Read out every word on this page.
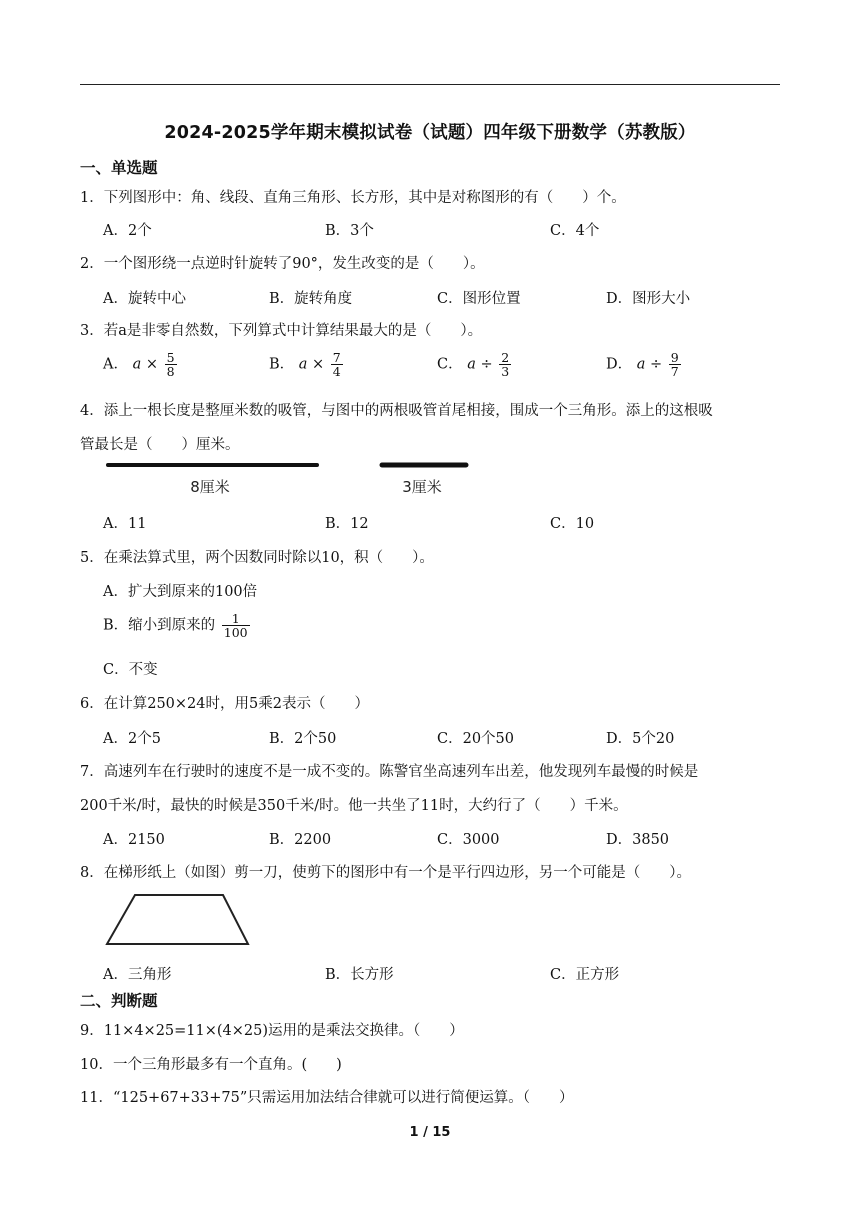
2024-2025学年期末模拟试卷（试题）四年级下册数学（苏教版）
一、单选题
1．下列图形中：角、线段、直角三角形、长方形，其中是对称图形的有（　　）个。
A．2个	B．3个	C．4个
2．一个图形绕一点逆时针旋转了90°，发生改变的是（　　）。
A．旋转中心	B．旋转角度	C．图形位置	D．图形大小
3．若a是非零自然数，下列算式中计算结果最大的是（　　）。
A． $a \times \frac{5}{8}$	B． $a \times \frac{7}{4}$	C． $a \div \frac{2}{3}$	D． $a \div \frac{9}{7}$
4．添上一根长度是整厘米数的吸管，与图中的两根吸管首尾相接，围成一个三角形。添上的这根吸
管最长是（　　）厘米。
8厘米	3厘米
A．11	B．12	C．10
5．在乘法算式里，两个因数同时除以10，积（　　）。
A．扩大到原来的100倍
B．缩小到原来的 $\frac{1}{100}$
C．不变
6．在计算250×24时，用5乘2表示（　　）
A．2个5	B．2个50	C．20个50	D．5个20
7．高速列车在行驶时的速度不是一成不变的。陈警官坐高速列车出差，他发现列车最慢的时候是
200千米/时，最快的时候是350千米/时。他一共坐了11时，大约行了（　　）千米。
A．2150	B．2200	C．3000	D．3850
8．在梯形纸上（如图）剪一刀，使剪下的图形中有一个是平行四边形，另一个可能是（　　）。
A．三角形	B．长方形	C．正方形
二、判断题
9．11×4×25=11×(4×25)运用的是乘法交换律。（　　）
10．一个三角形最多有一个直角。(　　)
11．“125+67+33+75”只需运用加法结合律就可以进行简便运算。（　　）
1 / 15
